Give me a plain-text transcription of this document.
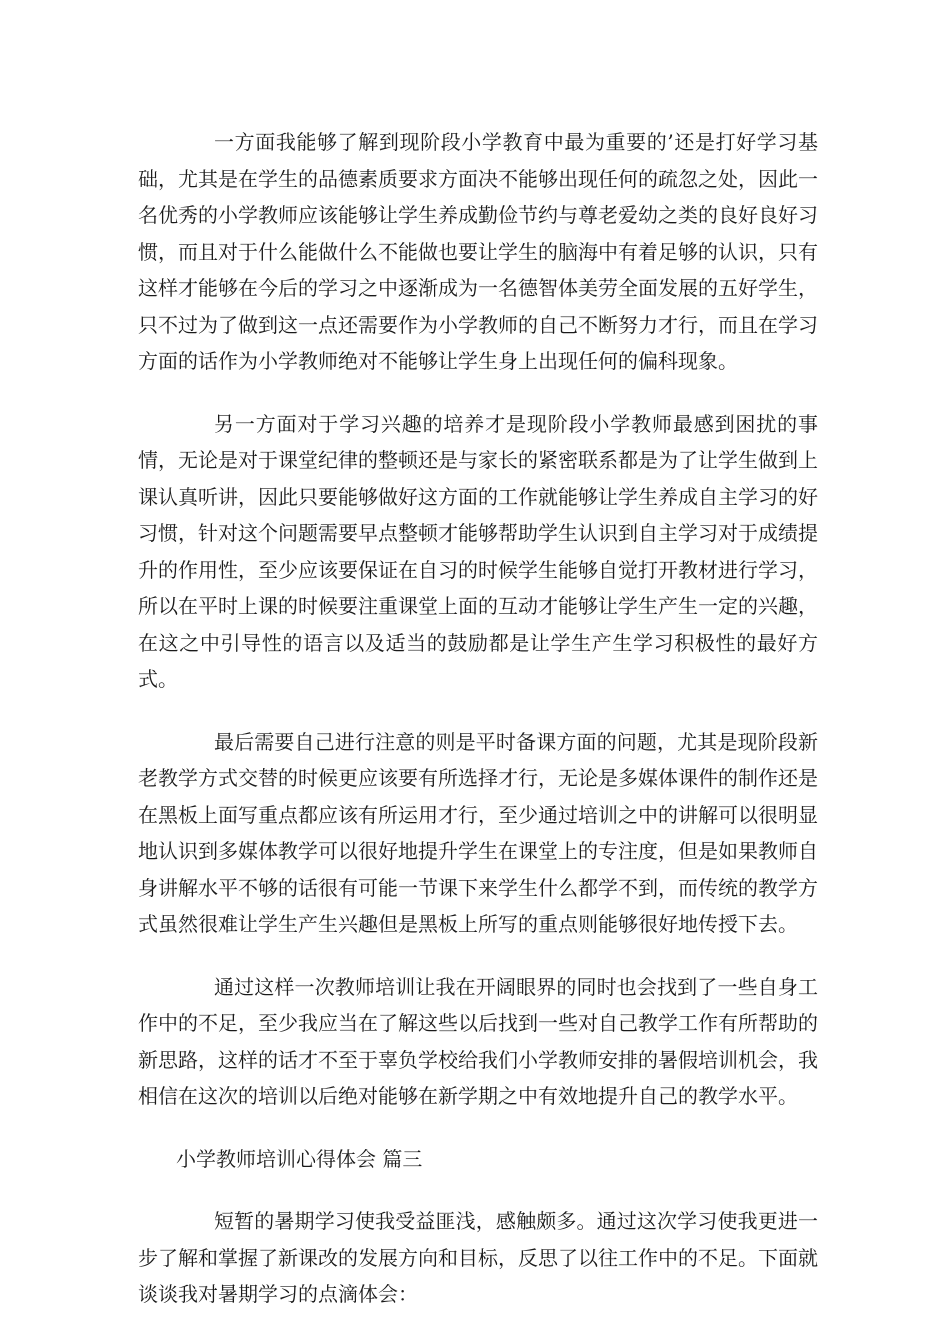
一方面我能够了解到现阶段小学教育中最为重要的’还是打好学习基础，尤其是在学生的品德素质要求方面决不能够出现任何的疏忽之处，因此一名优秀的小学教师应该能够让学生养成勤俭节约与尊老爱幼之类的良好良好习惯，而且对于什么能做什么不能做也要让学生的脑海中有着足够的认识，只有这样才能够在今后的学习之中逐渐成为一名德智体美劳全面发展的五好学生，只不过为了做到这一点还需要作为小学教师的自己不断努力才行，而且在学习方面的话作为小学教师绝对不能够让学生身上出现任何的偏科现象。

另一方面对于学习兴趣的培养才是现阶段小学教师最感到困扰的事情，无论是对于课堂纪律的整顿还是与家长的紧密联系都是为了让学生做到上课认真听讲，因此只要能够做好这方面的工作就能够让学生养成自主学习的好习惯，针对这个问题需要早点整顿才能够帮助学生认识到自主学习对于成绩提升的作用性，至少应该要保证在自习的时候学生能够自觉打开教材进行学习，所以在平时上课的时候要注重课堂上面的互动才能够让学生产生一定的兴趣，在这之中引导性的语言以及适当的鼓励都是让学生产生学习积极性的最好方式。

最后需要自己进行注意的则是平时备课方面的问题，尤其是现阶段新老教学方式交替的时候更应该要有所选择才行，无论是多媒体课件的制作还是在黑板上面写重点都应该有所运用才行，至少通过培训之中的讲解可以很明显地认识到多媒体教学可以很好地提升学生在课堂上的专注度，但是如果教师自身讲解水平不够的话很有可能一节课下来学生什么都学不到，而传统的教学方式虽然很难让学生产生兴趣但是黑板上所写的重点则能够很好地传授下去。

通过这样一次教师培训让我在开阔眼界的同时也会找到了一些自身工作中的不足，至少我应当在了解这些以后找到一些对自己教学工作有所帮助的新思路，这样的话才不至于辜负学校给我们小学教师安排的暑假培训机会，我相信在这次的培训以后绝对能够在新学期之中有效地提升自己的教学水平。

小学教师培训心得体会 篇三

短暂的暑期学习使我受益匪浅，感触颇多。通过这次学习使我更进一步了解和掌握了新课改的发展方向和目标，反思了以往工作中的不足。下面就谈谈我对暑期学习的点滴体会：
